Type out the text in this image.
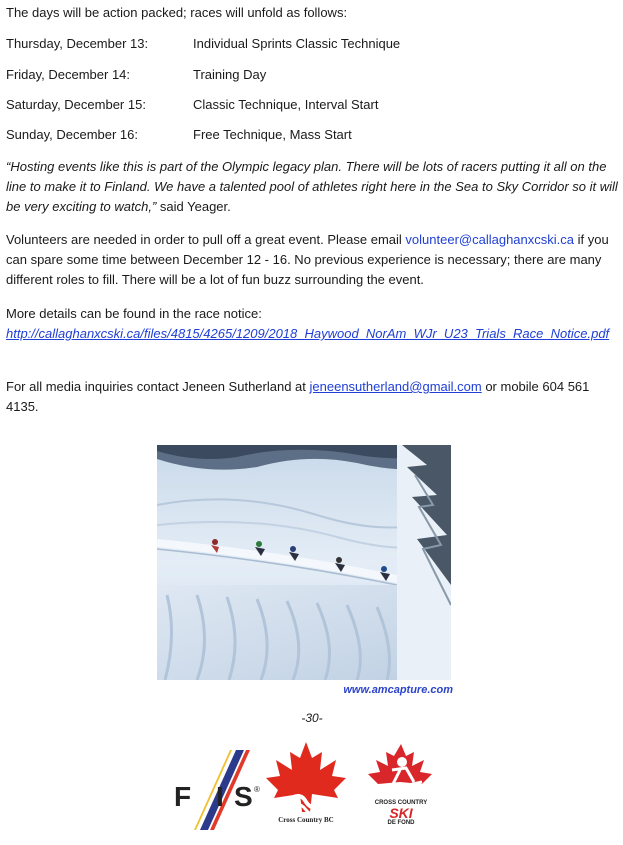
The days will be action packed; races will unfold as follows:

Thursday, December 13:	Individual Sprints Classic Technique
Friday, December 14:	Training Day
Saturday, December 15:	Classic Technique, Interval Start
Sunday, December 16:	Free Technique, Mass Start

“Hosting events like this is part of the Olympic legacy plan. There will be lots of racers putting it all on the line to make it to Finland. We have a talented pool of athletes right here in the Sea to Sky Corridor so it will be very exciting to watch,” said Yeager.

Volunteers are needed in order to pull off a great event. Please email volunteer@callaghanxcski.ca if you can spare some time between December 12 - 16. No previous experience is necessary; there are many different roles to fill. There will be a lot of fun buzz surrounding the event.

More details can be found in the race notice:
http://callaghanxcski.ca/files/4815/4265/1209/2018_Haywood_NorAm_WJr_U23_Trials_Race_Notice.pdf

For all media inquiries contact Jeneen Sutherland at jeneensutherland@gmail.com or mobile 604 561 4135.

www.amcapture.com
-30-
F I S ®
Cross Country BC
CROSS COUNTRY
SKI
DE FOND
